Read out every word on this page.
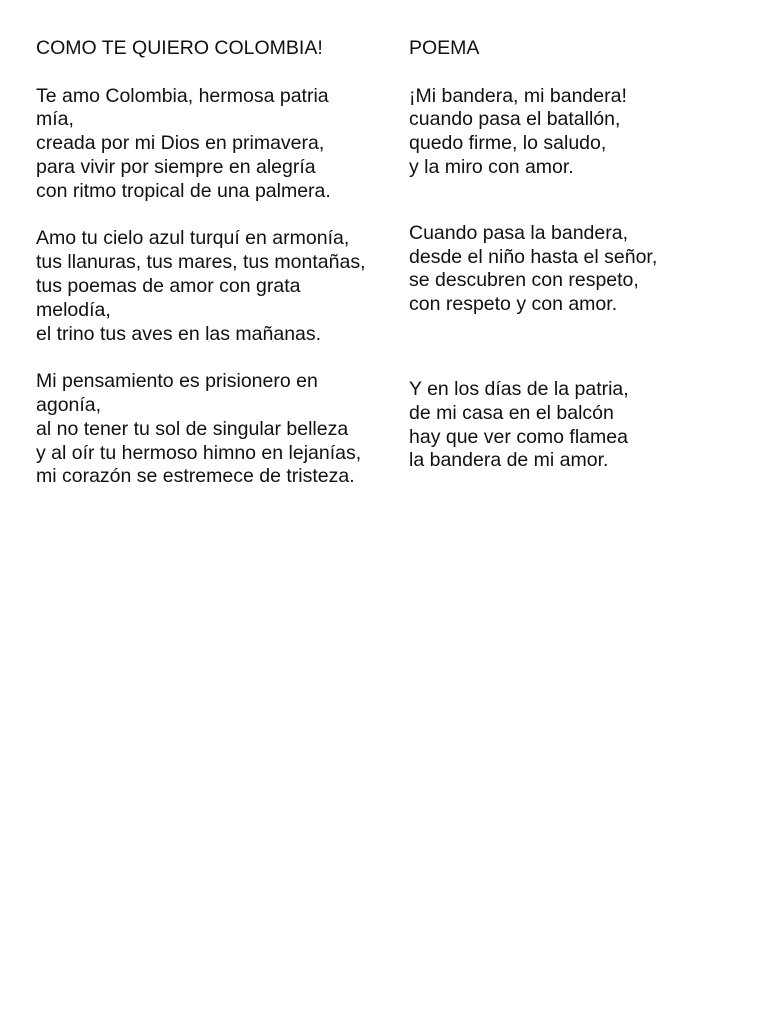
COMO TE QUIERO COLOMBIA!

Te amo Colombia, hermosa patria mía,
creada por mi Dios en primavera,
para vivir por siempre en alegría
con ritmo tropical de una palmera.

Amo tu cielo azul turquí en armonía,
tus llanuras, tus mares, tus montañas, tus poemas de amor con grata melodía,
el trino tus aves en las mañanas.

Mi pensamiento es prisionero en agonía,
al no tener tu sol de singular belleza
y al oír tu hermoso himno en lejanías,
mi corazón se estremece de tristeza.

POEMA

¡Mi bandera, mi bandera!
cuando pasa el batallón,
quedo firme, lo saludo,
y la miro con amor.

Cuando pasa la bandera,
desde el niño hasta el señor,
se descubren con respeto,
con respeto y con amor.

Y en los días de la patria,
de mi casa en el balcón
hay que ver como flamea
la bandera de mi amor.
